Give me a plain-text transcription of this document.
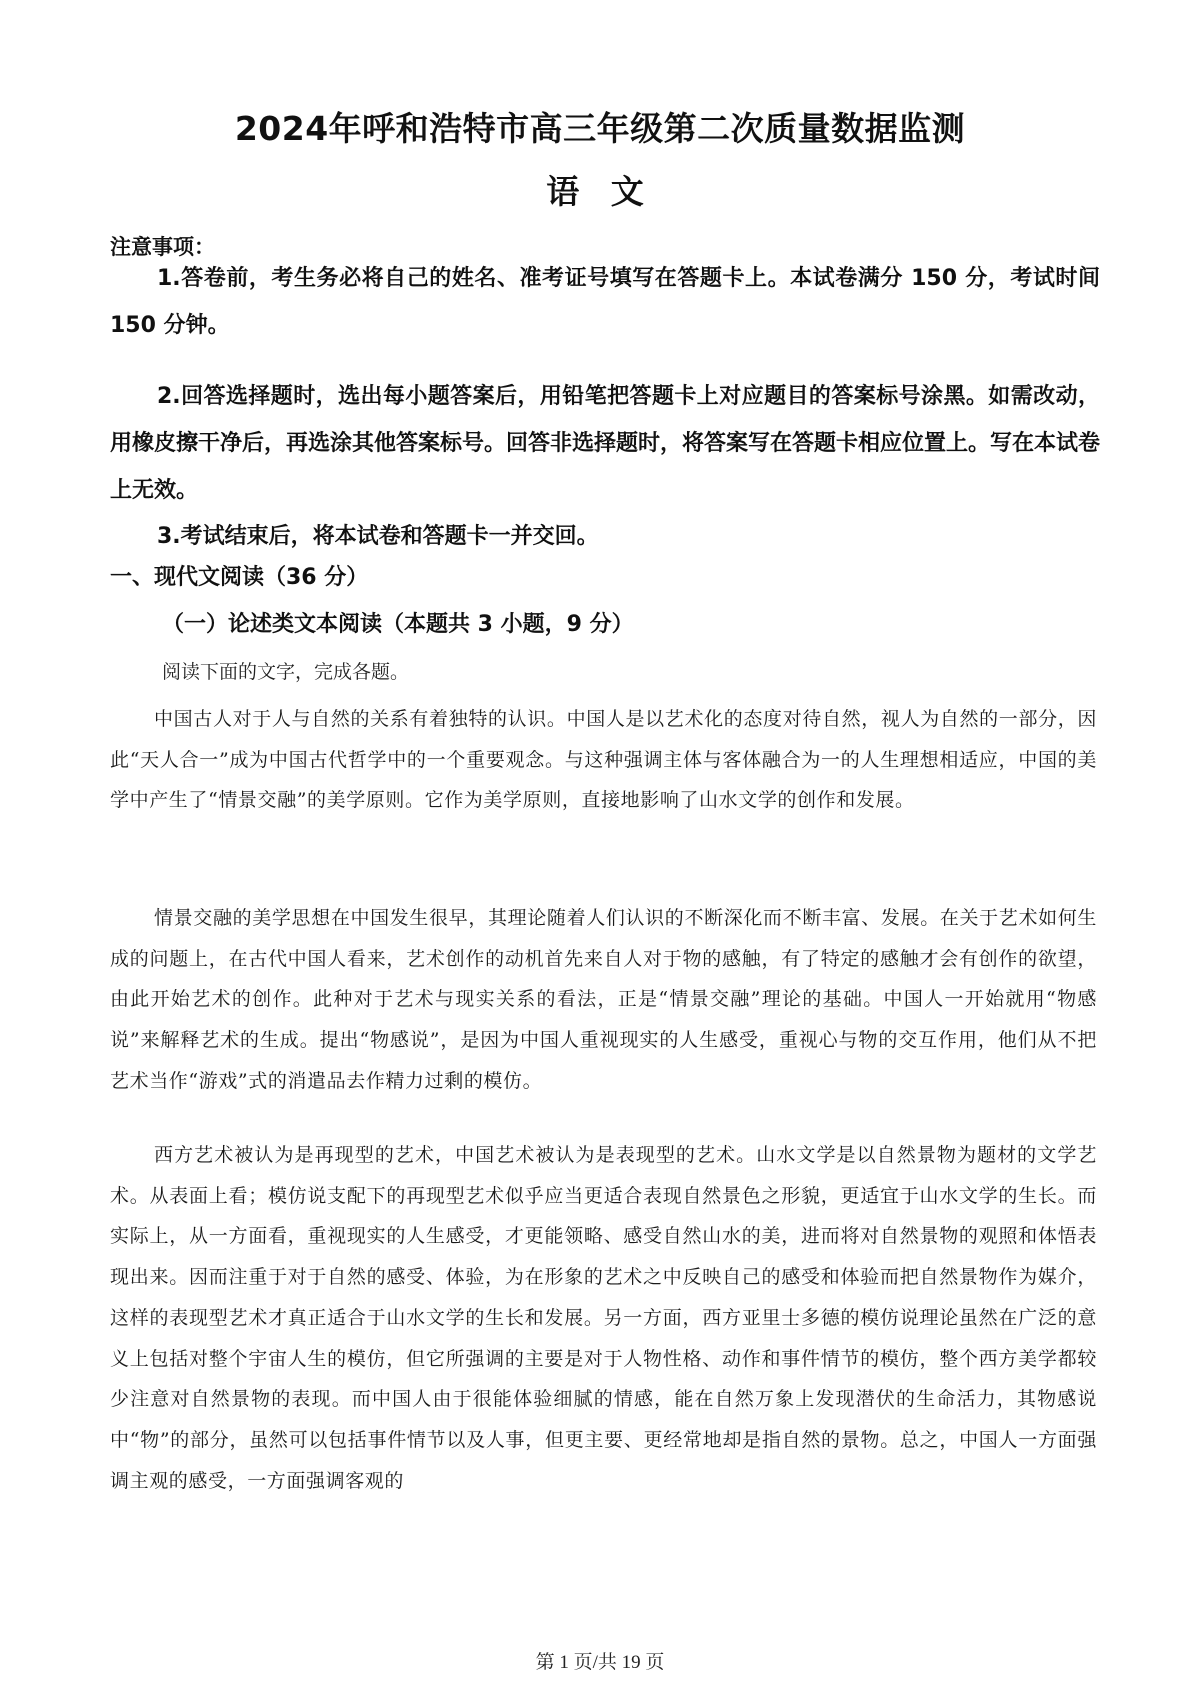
2024年呼和浩特市高三年级第二次质量数据监测
语 文
注意事项：
1.答卷前，考生务必将自己的姓名、准考证号填写在答题卡上。本试卷满分 150 分，考试时间 150 分钟。
2.回答选择题时，选出每小题答案后，用铅笔把答题卡上对应题目的答案标号涂黑。如需改动，用橡皮擦干净后，再选涂其他答案标号。回答非选择题时，将答案写在答题卡相应位置上。写在本试卷上无效。
3.考试结束后，将本试卷和答题卡一并交回。
一、现代文阅读（36 分）
（一）论述类文本阅读（本题共 3 小题，9 分）
阅读下面的文字，完成各题。
中国古人对于人与自然的关系有着独特的认识。中国人是以艺术化的态度对待自然，视人为自然的一部分，因此“天人合一”成为中国古代哲学中的一个重要观念。与这种强调主体与客体融合为一的人生理想相适应，中国的美学中产生了“情景交融”的美学原则。它作为美学原则，直接地影响了山水文学的创作和发展。
情景交融的美学思想在中国发生很早，其理论随着人们认识的不断深化而不断丰富、发展。在关于艺术如何生成的问题上，在古代中国人看来，艺术创作的动机首先来自人对于物的感触，有了特定的感触才会有创作的欲望，由此开始艺术的创作。此种对于艺术与现实关系的看法，正是“情景交融”理论的基础。中国人一开始就用“物感说”来解释艺术的生成。提出“物感说”，是因为中国人重视现实的人生感受，重视心与物的交互作用，他们从不把艺术当作“游戏”式的消遣品去作精力过剩的模仿。
西方艺术被认为是再现型的艺术，中国艺术被认为是表现型的艺术。山水文学是以自然景物为题材的文学艺术。从表面上看；模仿说支配下的再现型艺术似乎应当更适合表现自然景色之形貌，更适宜于山水文学的生长。而实际上，从一方面看，重视现实的人生感受，才更能领略、感受自然山水的美，进而将对自然景物的观照和体悟表现出来。因而注重于对于自然的感受、体验，为在形象的艺术之中反映自己的感受和体验而把自然景物作为媒介，这样的表现型艺术才真正适合于山水文学的生长和发展。另一方面，西方亚里士多德的模仿说理论虽然在广泛的意义上包括对整个宇宙人生的模仿，但它所强调的主要是对于人物性格、动作和事件情节的模仿，整个西方美学都较少注意对自然景物的表现。而中国人由于很能体验细腻的情感，能在自然万象上发现潜伏的生命活力，其物感说中“物”的部分，虽然可以包括事件情节以及人事，但更主要、更经常地却是指自然的景物。总之，中国人一方面强调主观的感受，一方面强调客观的
第 1 页/共 19 页
